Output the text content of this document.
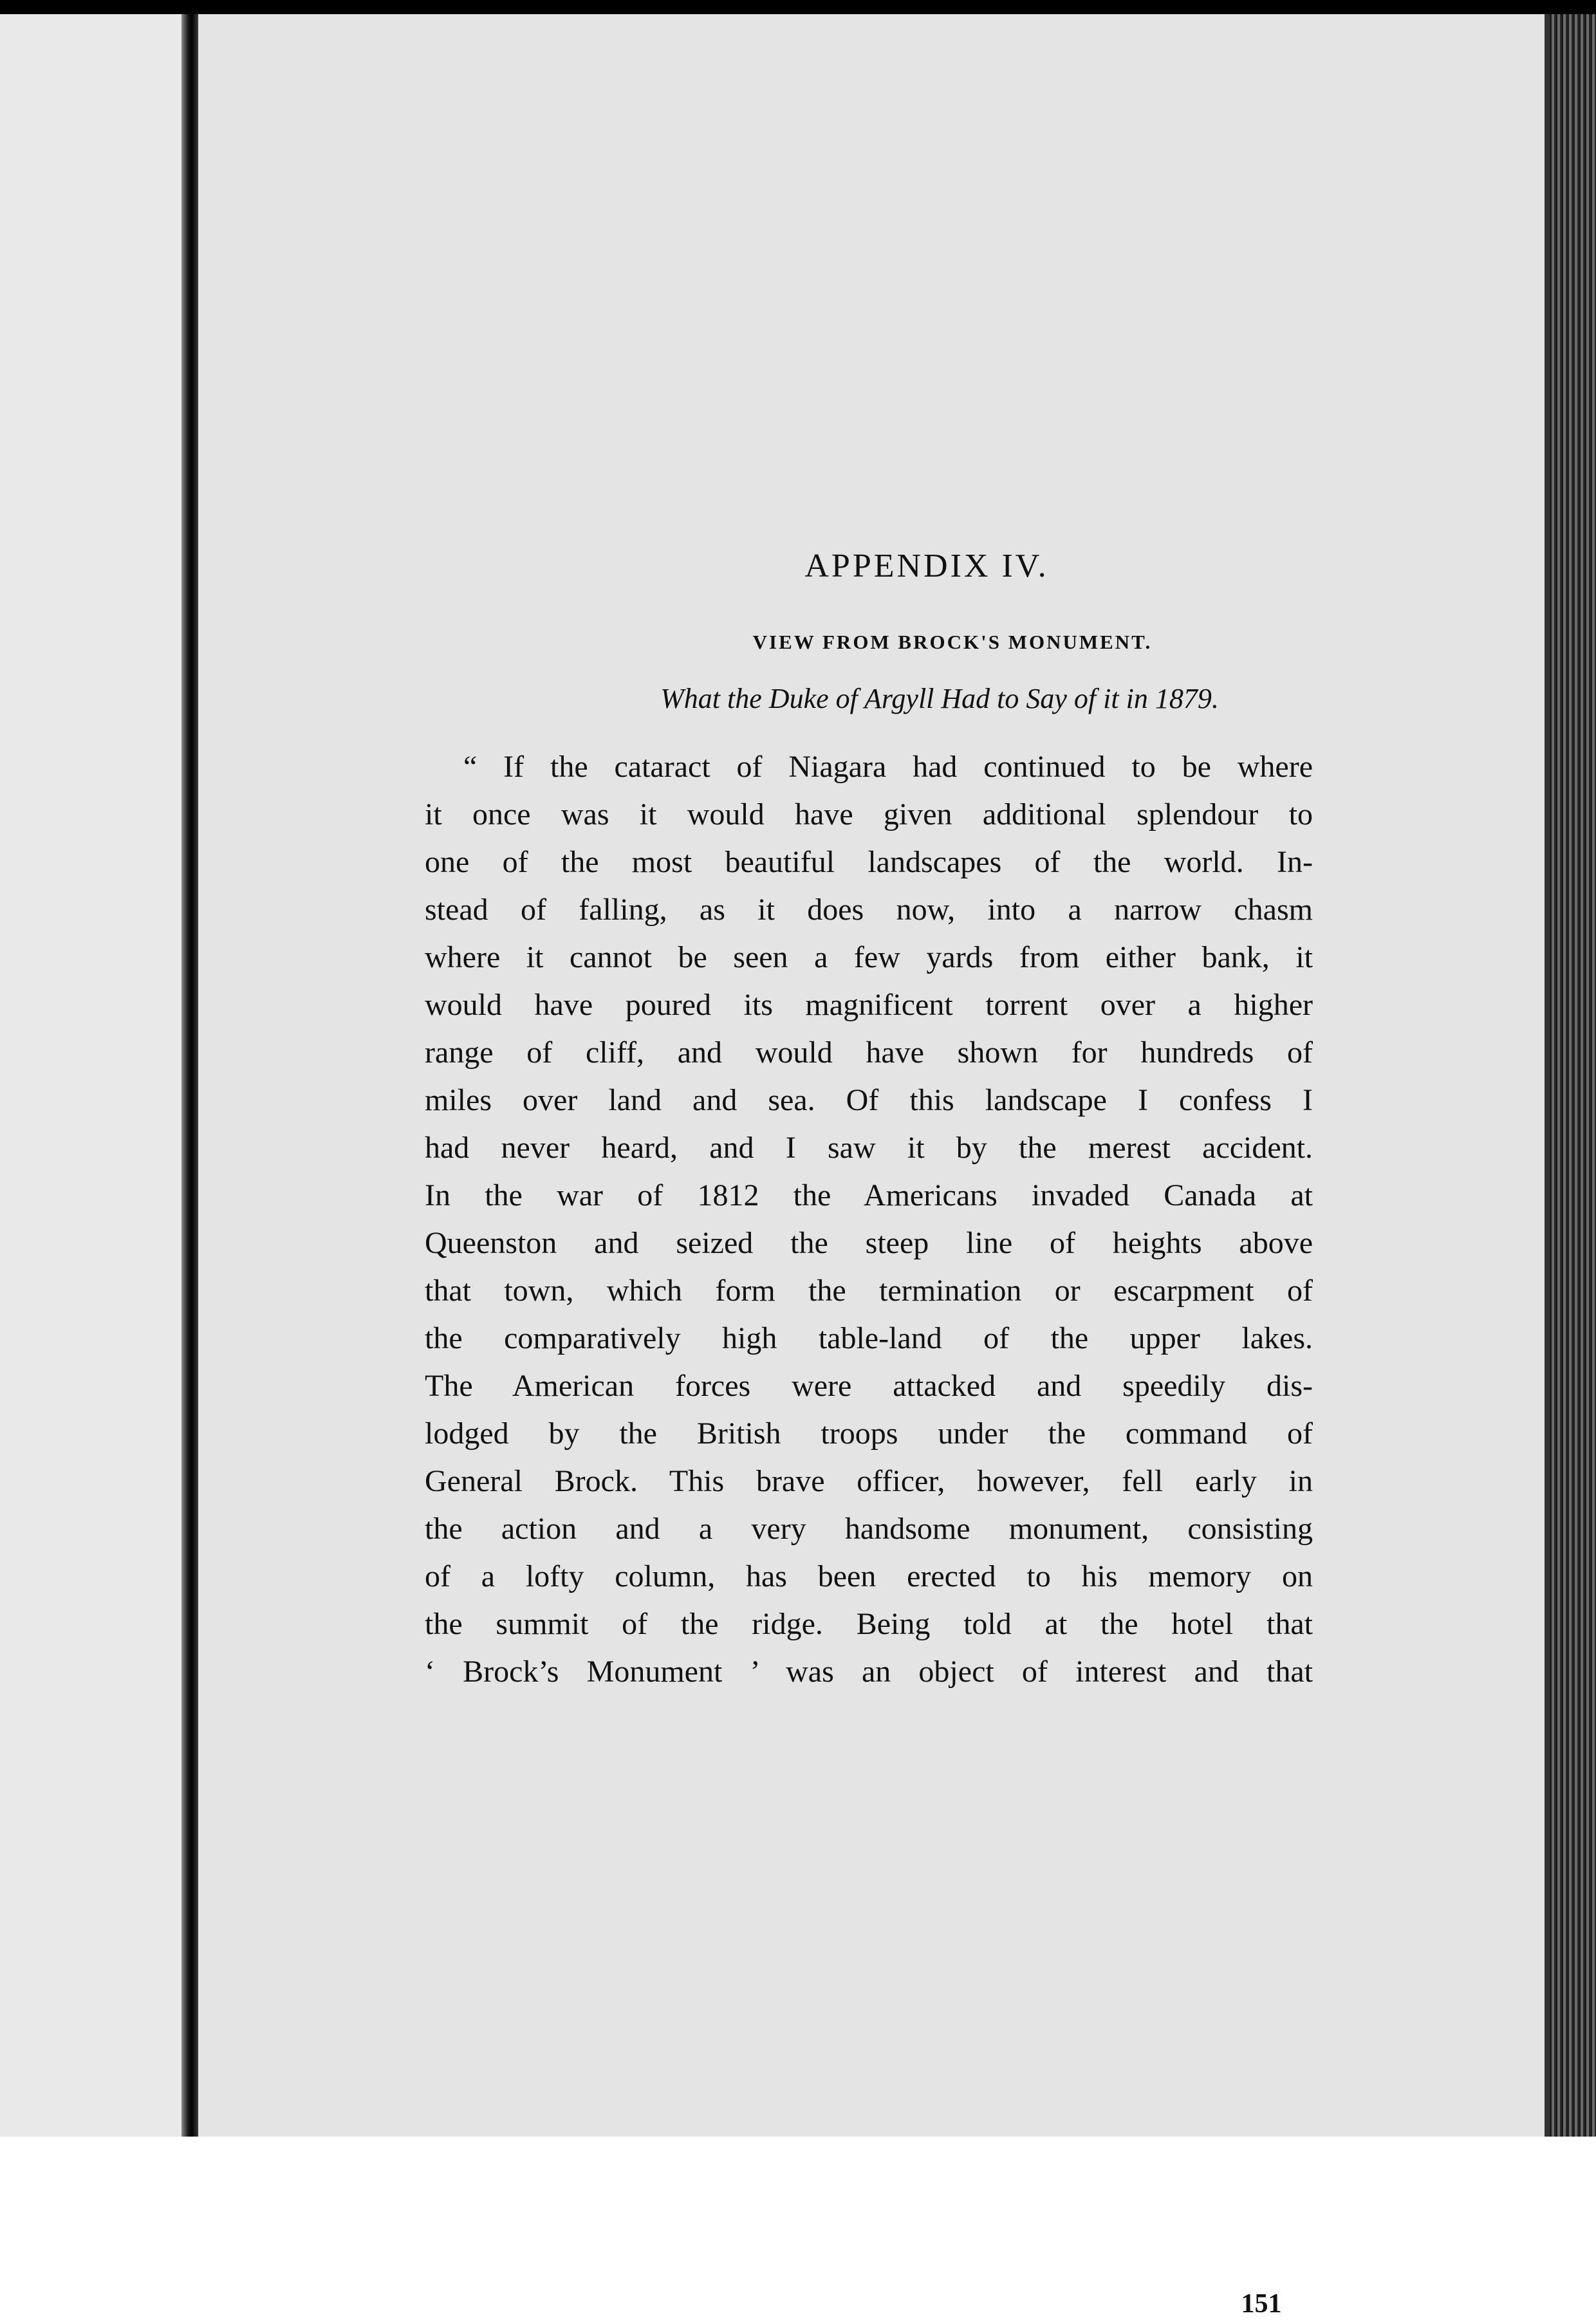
APPENDIX IV.
VIEW FROM BROCK'S MONUMENT.
What the Duke of Argyll Had to Say of it in 1879.
“ If the cataract of Niagara had continued to be where
it once was it would have given additional splendour to
one of the most beautiful landscapes of the world. In-
stead of falling, as it does now, into a narrow chasm
where it cannot be seen a few yards from either bank, it
would have poured its magnificent torrent over a higher
range of cliff, and would have shown for hundreds of
miles over land and sea. Of this landscape I confess I
had never heard, and I saw it by the merest accident.
In the war of 1812 the Americans invaded Canada at
Queenston and seized the steep line of heights above
that town, which form the termination or escarpment of
the comparatively high table-land of the upper lakes.
The American forces were attacked and speedily dis-
lodged by the British troops under the command of
General Brock. This brave officer, however, fell early in
the action and a very handsome monument, consisting
of a lofty column, has been erected to his memory on
the summit of the ridge. Being told at the hotel that
‘ Brock’s Monument ’ was an object of interest and that
151
